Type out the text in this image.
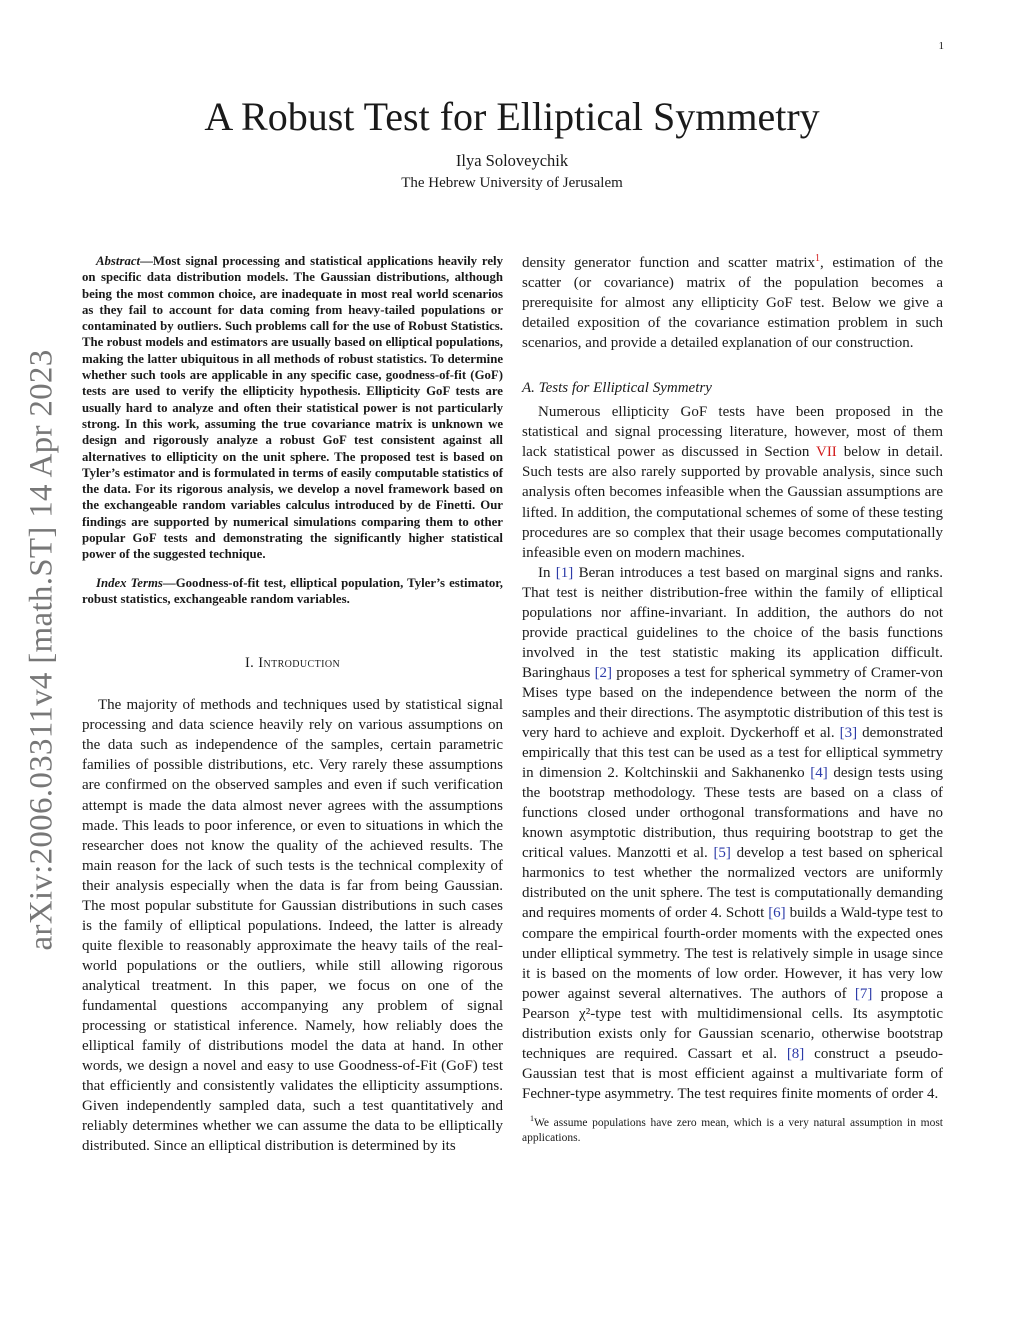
1
arXiv:2006.03311v4 [math.ST] 14 Apr 2023
A Robust Test for Elliptical Symmetry
Ilya Soloveychik
The Hebrew University of Jerusalem

Abstract—Most signal processing and statistical applications heavily rely on specific data distribution models. The Gaussian distributions, although being the most common choice, are inadequate in most real world scenarios as they fail to account for data coming from heavy-tailed populations or contaminated by outliers. Such problems call for the use of Robust Statistics. The robust models and estimators are usually based on elliptical populations, making the latter ubiquitous in all methods of robust statistics. To determine whether such tools are applicable in any specific case, goodness-of-fit (GoF) tests are used to verify the ellipticity hypothesis. Ellipticity GoF tests are usually hard to analyze and often their statistical power is not particularly strong. In this work, assuming the true covariance matrix is unknown we design and rigorously analyze a robust GoF test consistent against all alternatives to ellipticity on the unit sphere. The proposed test is based on Tyler’s estimator and is formulated in terms of easily computable statistics of the data. For its rigorous analysis, we develop a novel framework based on the exchangeable random variables calculus introduced by de Finetti. Our findings are supported by numerical simulations comparing them to other popular GoF tests and demonstrating the significantly higher statistical power of the suggested technique.

Index Terms—Goodness-of-fit test, elliptical population, Tyler’s estimator, robust statistics, exchangeable random variables.

I. Introduction

The majority of methods and techniques used by statistical signal processing and data science heavily rely on various assumptions on the data such as independence of the samples, certain parametric families of possible distributions, etc. Very rarely these assumptions are confirmed on the observed samples and even if such verification attempt is made the data almost never agrees with the assumptions made. This leads to poor inference, or even to situations in which the researcher does not know the quality of the achieved results. The main reason for the lack of such tests is the technical complexity of their analysis especially when the data is far from being Gaussian. The most popular substitute for Gaussian distributions in such cases is the family of elliptical populations. Indeed, the latter is already quite flexible to reasonably approximate the heavy tails of the real-world populations or the outliers, while still allowing rigorous analytical treatment. In this paper, we focus on one of the fundamental questions accompanying any problem of signal processing or statistical inference. Namely, how reliably does the elliptical family of distributions model the data at hand. In other words, we design a novel and easy to use Goodness-of-Fit (GoF) test that efficiently and consistently validates the ellipticity assumptions. Given independently sampled data, such a test quantitatively and reliably determines whether we can assume the data to be elliptically distributed. Since an elliptical distribution is determined by its

density generator function and scatter matrix$^1$, estimation of the scatter (or covariance) matrix of the population becomes a prerequisite for almost any ellipticity GoF test. Below we give a detailed exposition of the covariance estimation problem in such scenarios, and provide a detailed explanation of our construction.

A. Tests for Elliptical Symmetry

Numerous ellipticity GoF tests have been proposed in the statistical and signal processing literature, however, most of them lack statistical power as discussed in Section VII below in detail. Such tests are also rarely supported by provable analysis, since such analysis often becomes infeasible when the Gaussian assumptions are lifted. In addition, the computational schemes of some of these testing procedures are so complex that their usage becomes computationally infeasible even on modern machines.

In [1] Beran introduces a test based on marginal signs and ranks. That test is neither distribution-free within the family of elliptical populations nor affine-invariant. In addition, the authors do not provide practical guidelines to the choice of the basis functions involved in the test statistic making its application difficult. Baringhaus [2] proposes a test for spherical symmetry of Cramer-von Mises type based on the independence between the norm of the samples and their directions. The asymptotic distribution of this test is very hard to achieve and exploit. Dyckerhoff et al. [3] demonstrated empirically that this test can be used as a test for elliptical symmetry in dimension 2. Koltchinskii and Sakhanenko [4] design tests using the bootstrap methodology. These tests are based on a class of functions closed under orthogonal transformations and have no known asymptotic distribution, thus requiring bootstrap to get the critical values. Manzotti et al. [5] develop a test based on spherical harmonics to test whether the normalized vectors are uniformly distributed on the unit sphere. The test is computationally demanding and requires moments of order 4. Schott [6] builds a Wald-type test to compare the empirical fourth-order moments with the expected ones under elliptical symmetry. The test is relatively simple in usage since it is based on the moments of low order. However, it has very low power against several alternatives. The authors of [7] propose a Pearson χ²-type test with multidimensional cells. Its asymptotic distribution exists only for Gaussian scenario, otherwise bootstrap techniques are required. Cassart et al. [8] construct a pseudo-Gaussian test that is most efficient against a multivariate form of Fechner-type asymmetry. The test requires finite moments of order 4.

$^1$We assume populations have zero mean, which is a very natural assumption in most applications.
